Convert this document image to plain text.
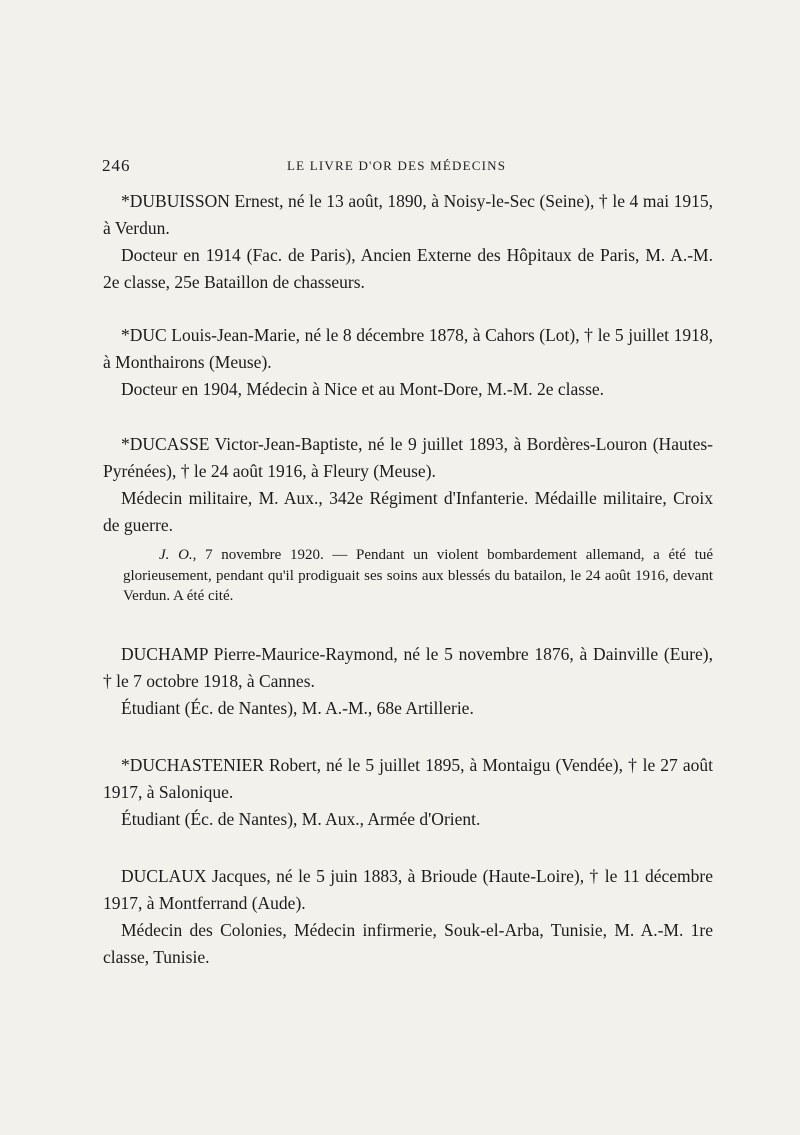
246	LE LIVRE D'OR DES MÉDECINS

*DUBUISSON Ernest, né le 13 août, 1890, à Noisy-le-Sec (Seine), † le 4 mai 1915, à Verdun.

Docteur en 1914 (Fac. de Paris), Ancien Externe des Hôpitaux de Paris, M. A.-M. 2e classe, 25e Bataillon de chasseurs.

*DUC Louis-Jean-Marie, né le 8 décembre 1878, à Cahors (Lot), † le 5 juillet 1918, à Monthairons (Meuse).

Docteur en 1904, Médecin à Nice et au Mont-Dore, M.-M. 2e classe.

*DUCASSE Victor-Jean-Baptiste, né le 9 juillet 1893, à Bordères-Louron (Hautes-Pyrénées), † le 24 août 1916, à Fleury (Meuse).

Médecin militaire, M. Aux., 342e Régiment d'Infanterie. Médaille militaire, Croix de guerre.

J. O., 7 novembre 1920. — Pendant un violent bombardement allemand, a été tué glorieusement, pendant qu'il prodiguait ses soins aux blessés du batailon, le 24 août 1916, devant Verdun. A été cité.

DUCHAMP Pierre-Maurice-Raymond, né le 5 novembre 1876, à Dainville (Eure), † le 7 octobre 1918, à Cannes.

Étudiant (Éc. de Nantes), M. A.-M., 68e Artillerie.

*DUCHASTENIER Robert, né le 5 juillet 1895, à Montaigu (Vendée), † le 27 août 1917, à Salonique.

Étudiant (Éc. de Nantes), M. Aux., Armée d'Orient.

DUCLAUX Jacques, né le 5 juin 1883, à Brioude (Haute-Loire), † le 11 décembre 1917, à Montferrand (Aude).

Médecin des Colonies, Médecin infirmerie, Souk-el-Arba, Tunisie, M. A.-M. 1re classe, Tunisie.
